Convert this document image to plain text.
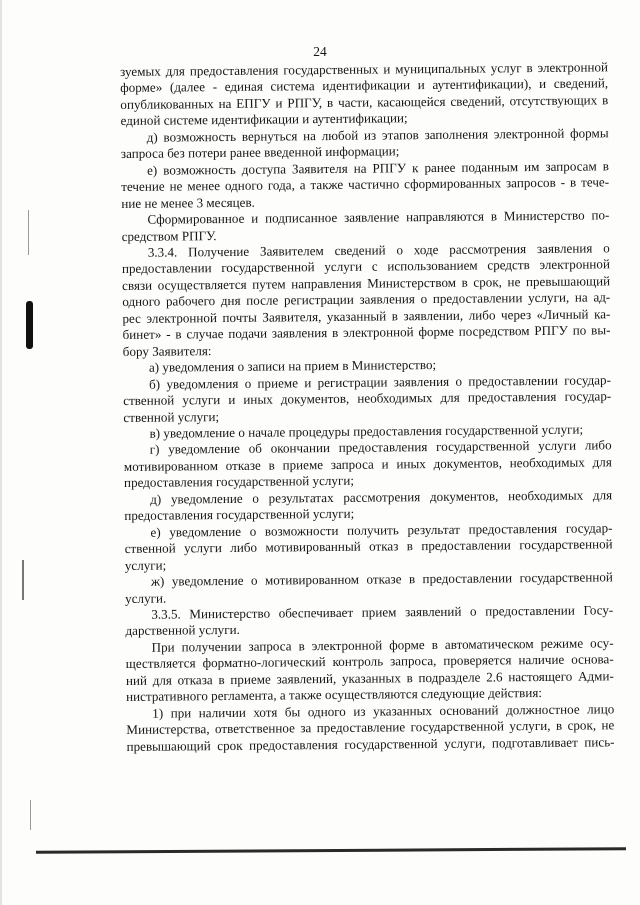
24
зуемых для предоставления государственных и муниципальных услуг в электронной
форме» (далее - единая система идентификации и аутентификации), и сведений,
опубликованных на ЕПГУ и РПГУ, в части, касающейся сведений, отсутствующих в
единой системе идентификации и аутентификации;
д) возможность вернуться на любой из этапов заполнения электронной формы
запроса без потери ранее введенной информации;
е) возможность доступа Заявителя на РПГУ к ранее поданным им запросам в
течение не менее одного года, а также частично сформированных запросов - в тече-
ние не менее 3 месяцев.
Сформированное и подписанное заявление направляются в Министерство по-
средством РПГУ.
3.3.4. Получение Заявителем сведений о ходе рассмотрения заявления о
предоставлении государственной услуги с использованием средств электронной
связи осуществляется путем направления Министерством в срок, не превышающий
одного рабочего дня после регистрации заявления о предоставлении услуги, на ад-
рес электронной почты Заявителя, указанный в заявлении, либо через «Личный ка-
бинет» - в случае подачи заявления в электронной форме посредством РПГУ по вы-
бору Заявителя:
а) уведомления о записи на прием в Министерство;
б) уведомления о приеме и регистрации заявления о предоставлении государ-
ственной услуги и иных документов, необходимых для предоставления государ-
ственной услуги;
в) уведомление о начале процедуры предоставления государственной услуги;
г) уведомление об окончании предоставления государственной услуги либо
мотивированном отказе в приеме запроса и иных документов, необходимых для
предоставления государственной услуги;
д) уведомление о результатах рассмотрения документов, необходимых для
предоставления государственной услуги;
е) уведомление о возможности получить результат предоставления государ-
ственной услуги либо мотивированный отказ в предоставлении государственной
услуги;
ж) уведомление о мотивированном отказе в предоставлении государственной
услуги.
3.3.5. Министерство обеспечивает прием заявлений о предоставлении Госу-
дарственной услуги.
При получении запроса в электронной форме в автоматическом режиме осу-
ществляется форматно-логический контроль запроса, проверяется наличие основа-
ний для отказа в приеме заявлений, указанных в подразделе 2.6 настоящего Адми-
нистративного регламента, а также осуществляются следующие действия:
1) при наличии хотя бы одного из указанных оснований должностное лицо
Министерства, ответственное за предоставление государственной услуги, в срок, не
превышающий срок предоставления государственной услуги, подготавливает пись-
